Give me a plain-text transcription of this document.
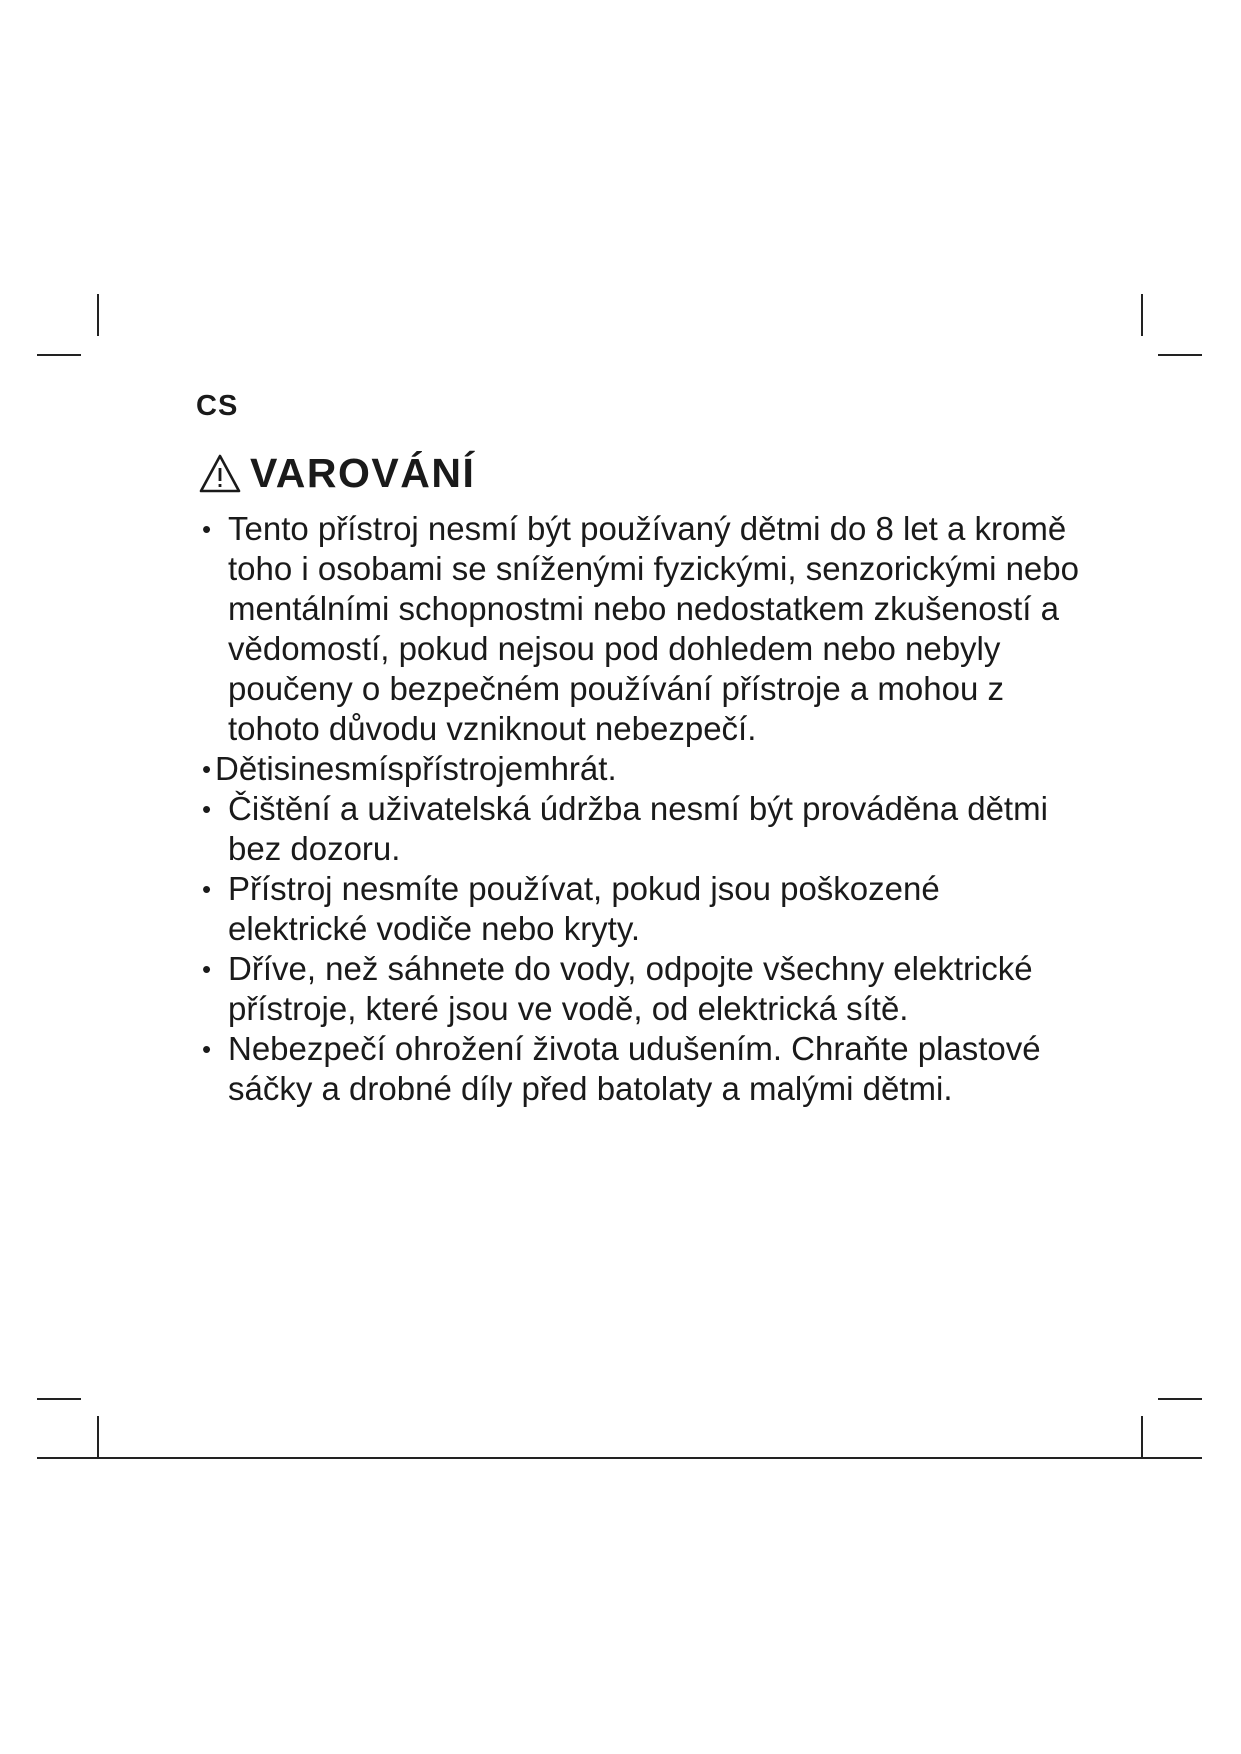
CS
VAROVÁNÍ
• Tento přístroj nesmí být používaný dětmi do 8 let a kromě toho i osobami se sníženými fyzickými, senzorickými nebo mentálními schopnostmi nebo nedostatkem zkušeností a vědomostí, pokud nejsou pod dohledem nebo nebyly poučeny o bezpečném používání přístroje a mohou z tohoto důvodu vzniknout nebezpečí.
• Dětisinesmíspřístrojemhrát.
• Čištění a uživatelská údržba nesmí být prováděna dětmi bez dozoru.
• Přístroj nesmíte používat, pokud jsou poškozené elektrické vodiče nebo kryty.
• Dříve, než sáhnete do vody, odpojte všechny elektrické přístroje, které jsou ve vodě, od elektrická sítě.
• Nebezpečí ohrožení života udušením. Chraňte plastové sáčky a drobné díly před batolaty a malými dětmi.
